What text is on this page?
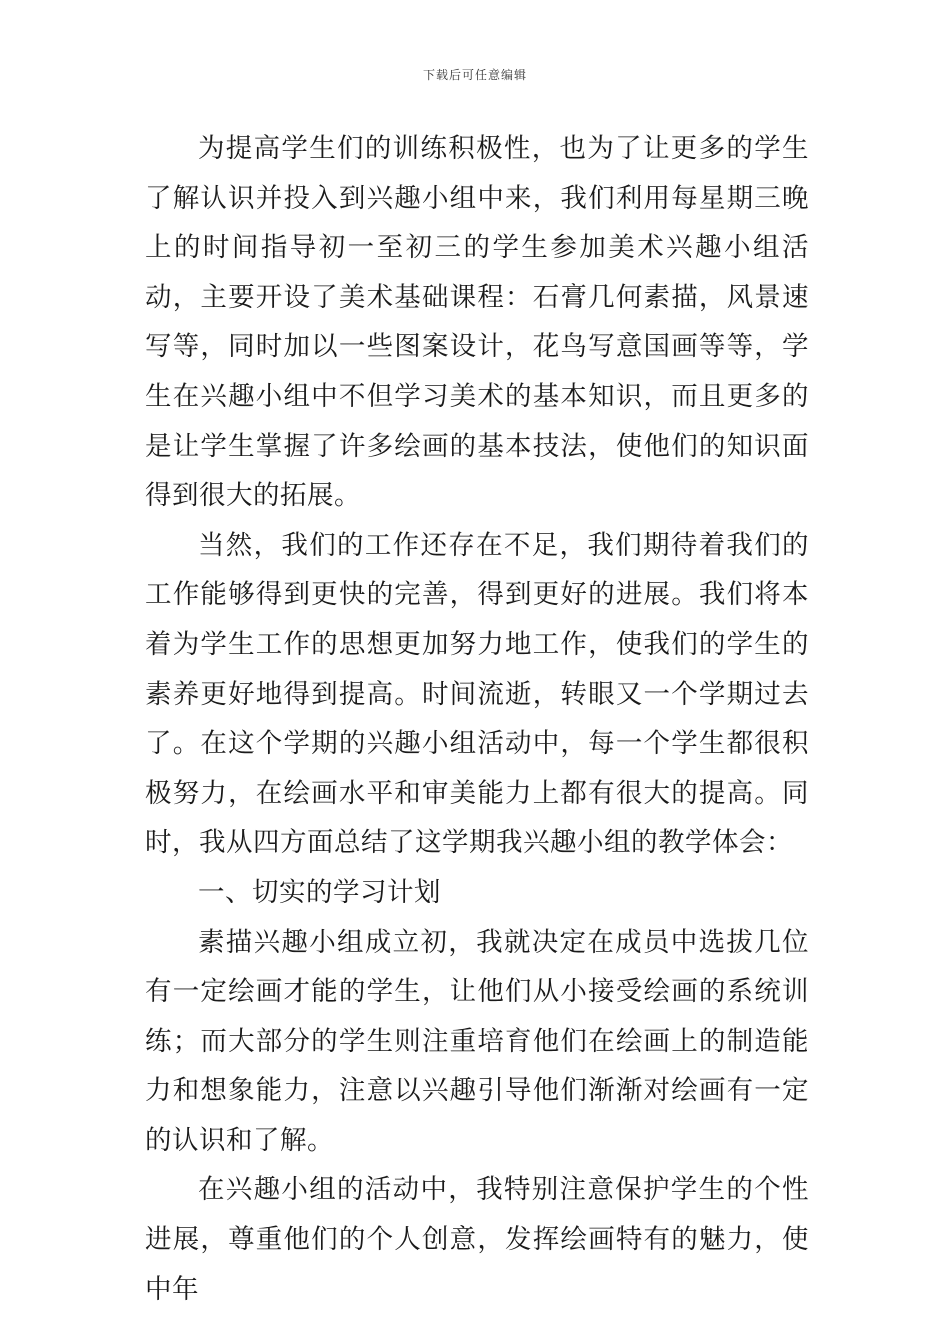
下载后可任意编辑

为提高学生们的训练积极性，也为了让更多的学生了解认识并投入到兴趣小组中来，我们利用每星期三晚上的时间指导初一至初三的学生参加美术兴趣小组活动，主要开设了美术基础课程：石膏几何素描，风景速写等，同时加以一些图案设计，花鸟写意国画等等，学生在兴趣小组中不但学习美术的基本知识，而且更多的是让学生掌握了许多绘画的基本技法，使他们的知识面得到很大的拓展。

当然，我们的工作还存在不足，我们期待着我们的工作能够得到更快的完善，得到更好的进展。我们将本着为学生工作的思想更加努力地工作，使我们的学生的素养更好地得到提高。时间流逝，转眼又一个学期过去了。在这个学期的兴趣小组活动中，每一个学生都很积极努力，在绘画水平和审美能力上都有很大的提高。同时，我从四方面总结了这学期我兴趣小组的教学体会：

一、切实的学习计划

素描兴趣小组成立初，我就决定在成员中选拔几位有一定绘画才能的学生，让他们从小接受绘画的系统训练；而大部分的学生则注重培育他们在绘画上的制造能力和想象能力，注意以兴趣引导他们渐渐对绘画有一定的认识和了解。

在兴趣小组的活动中，我特别注意保护学生的个性进展，尊重他们的个人创意，发挥绘画特有的魅力，使中年
